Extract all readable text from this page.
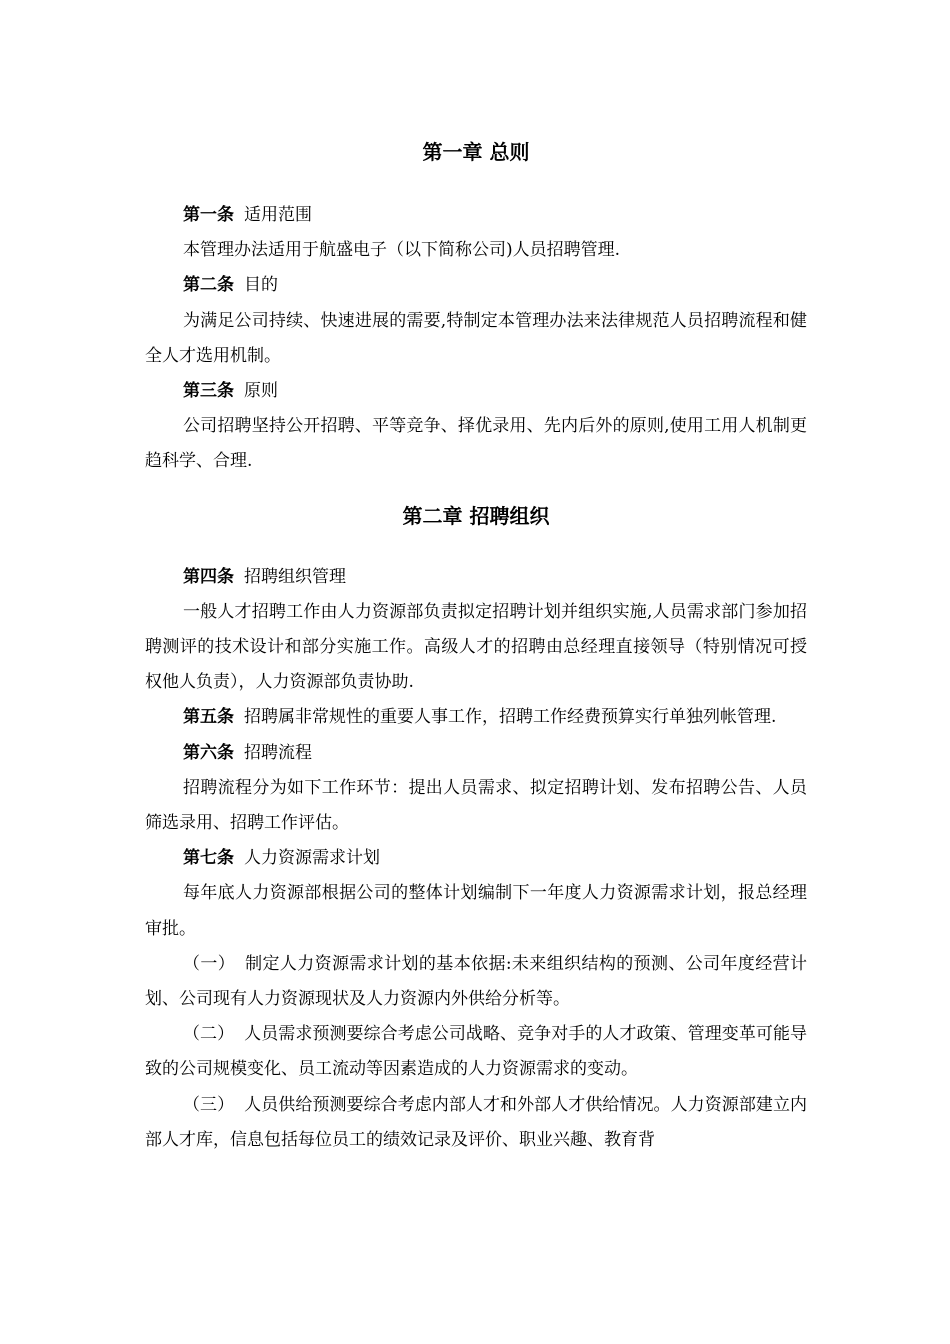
第一章 总则

第一条 适用范围

本管理办法适用于航盛电子（以下简称公司)人员招聘管理.

第二条 目的

为满足公司持续、快速进展的需要,特制定本管理办法来法律规范人员招聘流程和健全人才选用机制。

第三条 原则

公司招聘坚持公开招聘、平等竞争、择优录用、先内后外的原则,使用工用人机制更趋科学、合理.

第二章 招聘组织

第四条 招聘组织管理

一般人才招聘工作由人力资源部负责拟定招聘计划并组织实施,人员需求部门参加招聘测评的技术设计和部分实施工作。高级人才的招聘由总经理直接领导（特别情况可授权他人负责），人力资源部负责协助.

第五条 招聘属非常规性的重要人事工作，招聘工作经费预算实行单独列帐管理.

第六条 招聘流程

招聘流程分为如下工作环节：提出人员需求、拟定招聘计划、发布招聘公告、人员筛选录用、招聘工作评估。

第七条 人力资源需求计划

每年底人力资源部根据公司的整体计划编制下一年度人力资源需求计划，报总经理审批。

（一） 制定人力资源需求计划的基本依据:未来组织结构的预测、公司年度经营计划、公司现有人力资源现状及人力资源内外供给分析等。

（二） 人员需求预测要综合考虑公司战略、竞争对手的人才政策、管理变革可能导致的公司规模变化、员工流动等因素造成的人力资源需求的变动。

（三） 人员供给预测要综合考虑内部人才和外部人才供给情况。人力资源部建立内部人才库，信息包括每位员工的绩效记录及评价、职业兴趣、教育背
